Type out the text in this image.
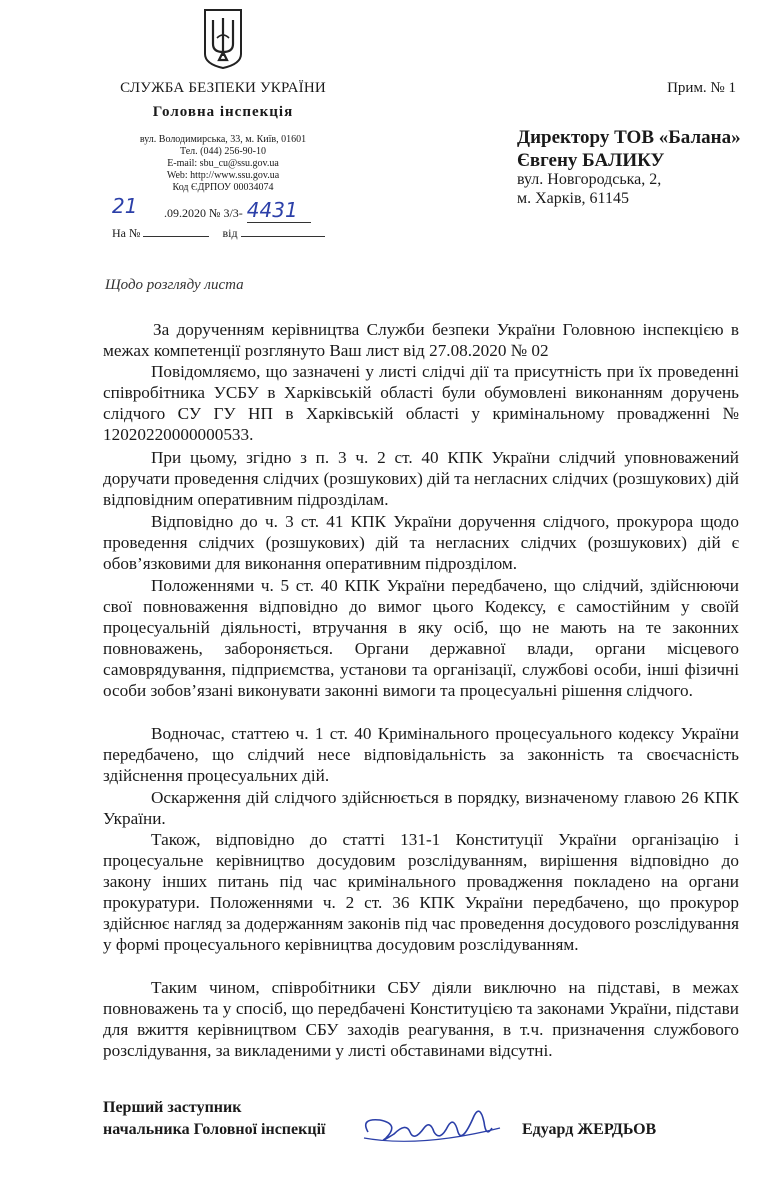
СЛУЖБА БЕЗПЕКИ УКРАЇНИ
Головна інспекція
вул. Володимирська, 33, м. Київ, 01601
Тел. (044) 256-90-10
E-mail: sbu_cu@ssu.gov.ua
Web: http://www.ssu.gov.ua
Код ЄДРПОУ 00034074
Прим. № 1
Директору ТОВ «Балана»
Євгену БАЛИКУ
вул. Новгородська, 2,
м. Харків, 61145
21 .09.2020 № 3/3- 4431
На №	від
Щодо розгляду листа
За дорученням керівництва Служби безпеки України Головною інспекцією в межах компетенції розглянуто Ваш лист від 27.08.2020 № 02
Повідомляємо, що зазначені у листі слідчі дії та присутність при їх проведенні співробітника УСБУ в Харківській області були обумовлені виконанням доручень слідчого СУ ГУ НП в Харківській області у кримінальному провадженні № 12020220000000533.
При цьому, згідно з п. 3 ч. 2 ст. 40 КПК України слідчий уповноважений доручати проведення слідчих (розшукових) дій та негласних слідчих (розшукових) дій відповідним оперативним підрозділам.
Відповідно до ч. 3 ст. 41 КПК України доручення слідчого, прокурора щодо проведення слідчих (розшукових) дій та негласних слідчих (розшукових) дій є обов’язковими для виконання оперативним підрозділом.
Положеннями ч. 5 ст. 40 КПК України передбачено, що слідчий, здійснюючи свої повноваження відповідно до вимог цього Кодексу, є самостійним у своїй процесуальній діяльності, втручання в яку осіб, що не мають на те законних повноважень, забороняється. Органи державної влади, органи місцевого самоврядування, підприємства, установи та організації, службові особи, інші фізичні особи зобов’язані виконувати законні вимоги та процесуальні рішення слідчого.
Водночас, статтею ч. 1 ст. 40 Кримінального процесуального кодексу України передбачено, що слідчий несе відповідальність за законність та своєчасність здійснення процесуальних дій.
Оскарження дій слідчого здійснюється в порядку, визначеному главою 26 КПК України.
Також, відповідно до статті 131-1 Конституції України організацію і процесуальне керівництво досудовим розслідуванням, вирішення відповідно до закону інших питань під час кримінального провадження покладено на органи прокуратури. Положеннями ч. 2 ст. 36 КПК України передбачено, що прокурор здійснює нагляд за додержанням законів під час проведення досудового розслідування у формі процесуального керівництва досудовим розслідуванням.
Таким чином, співробітники СБУ діяли виключно на підставі, в межах повноважень та у спосіб, що передбачені Конституцією та законами України, підстави для вжиття керівництвом СБУ заходів реагування, в т.ч. призначення службового розслідування, за викладеними у листі обставинами відсутні.
Перший заступник
начальника Головної інспекції	Едуард ЖЕРДЬОВ
